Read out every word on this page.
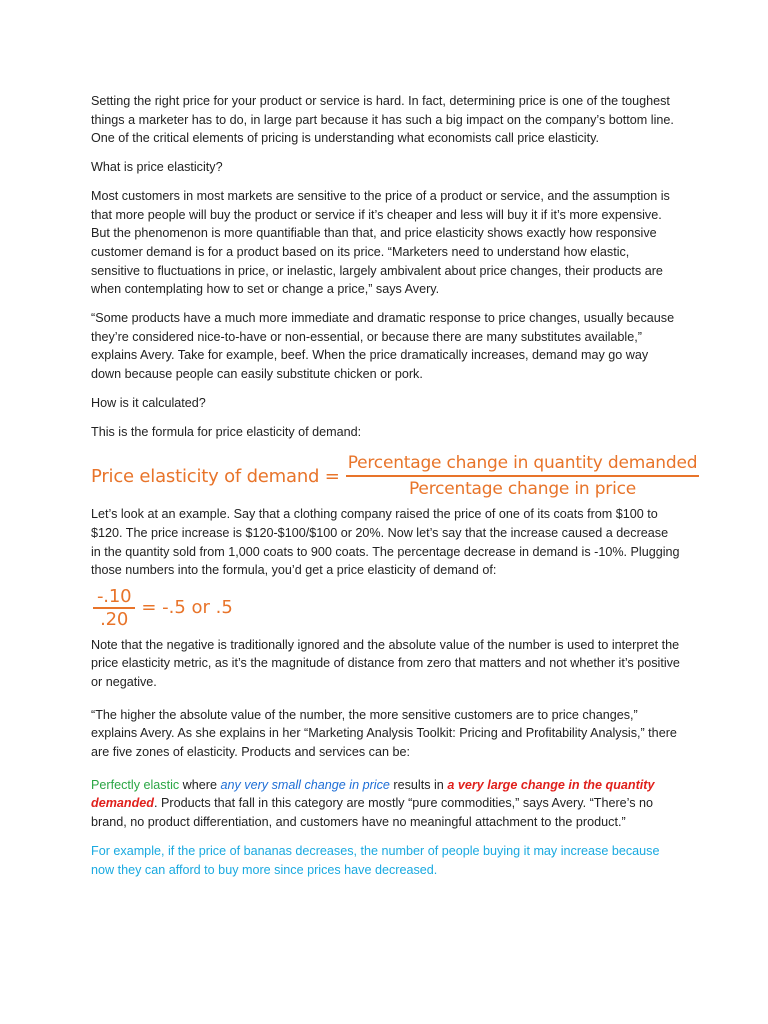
Setting the right price for your product or service is hard. In fact, determining price is one of the toughest things a marketer has to do, in large part because it has such a big impact on the company’s bottom line. One of the critical elements of pricing is understanding what economists call price elasticity.

What is price elasticity?

Most customers in most markets are sensitive to the price of a product or service, and the assumption is that more people will buy the product or service if it’s cheaper and less will buy it if it’s more expensive. But the phenomenon is more quantifiable than that, and price elasticity shows exactly how responsive customer demand is for a product based on its price. “Marketers need to understand how elastic, sensitive to fluctuations in price, or inelastic, largely ambivalent about price changes, their products are when contemplating how to set or change a price,” says Avery.

“Some products have a much more immediate and dramatic response to price changes, usually because they’re considered nice-to-have or non-essential, or because there are many substitutes available,” explains Avery. Take for example, beef. When the price dramatically increases, demand may go way down because people can easily substitute chicken or pork.

How is it calculated?

This is the formula for price elasticity of demand:

Price elasticity of demand = $\frac{\text{Percentage change in quantity demanded}}{\text{Percentage change in price}}$

Let’s look at an example. Say that a clothing company raised the price of one of its coats from $100 to $120. The price increase is $120-$100/$100 or 20%. Now let’s say that the increase caused a decrease in the quantity sold from 1,000 coats to 900 coats. The percentage decrease in demand is -10%. Plugging those numbers into the formula, you’d get a price elasticity of demand of:

$\frac{-.10}{.20} = -.5$ or .5

Note that the negative is traditionally ignored and the absolute value of the number is used to interpret the price elasticity metric, as it’s the magnitude of distance from zero that matters and not whether it’s positive or negative.

“The higher the absolute value of the number, the more sensitive customers are to price changes,” explains Avery. As she explains in her “Marketing Analysis Toolkit: Pricing and Profitability Analysis,” there are five zones of elasticity. Products and services can be:

Perfectly elastic where any very small change in price results in a very large change in the quantity demanded. Products that fall in this category are mostly “pure commodities,” says Avery. “There’s no brand, no product differentiation, and customers have no meaningful attachment to the product.”

For example, if the price of bananas decreases, the number of people buying it may increase because now they can afford to buy more since prices have decreased.
